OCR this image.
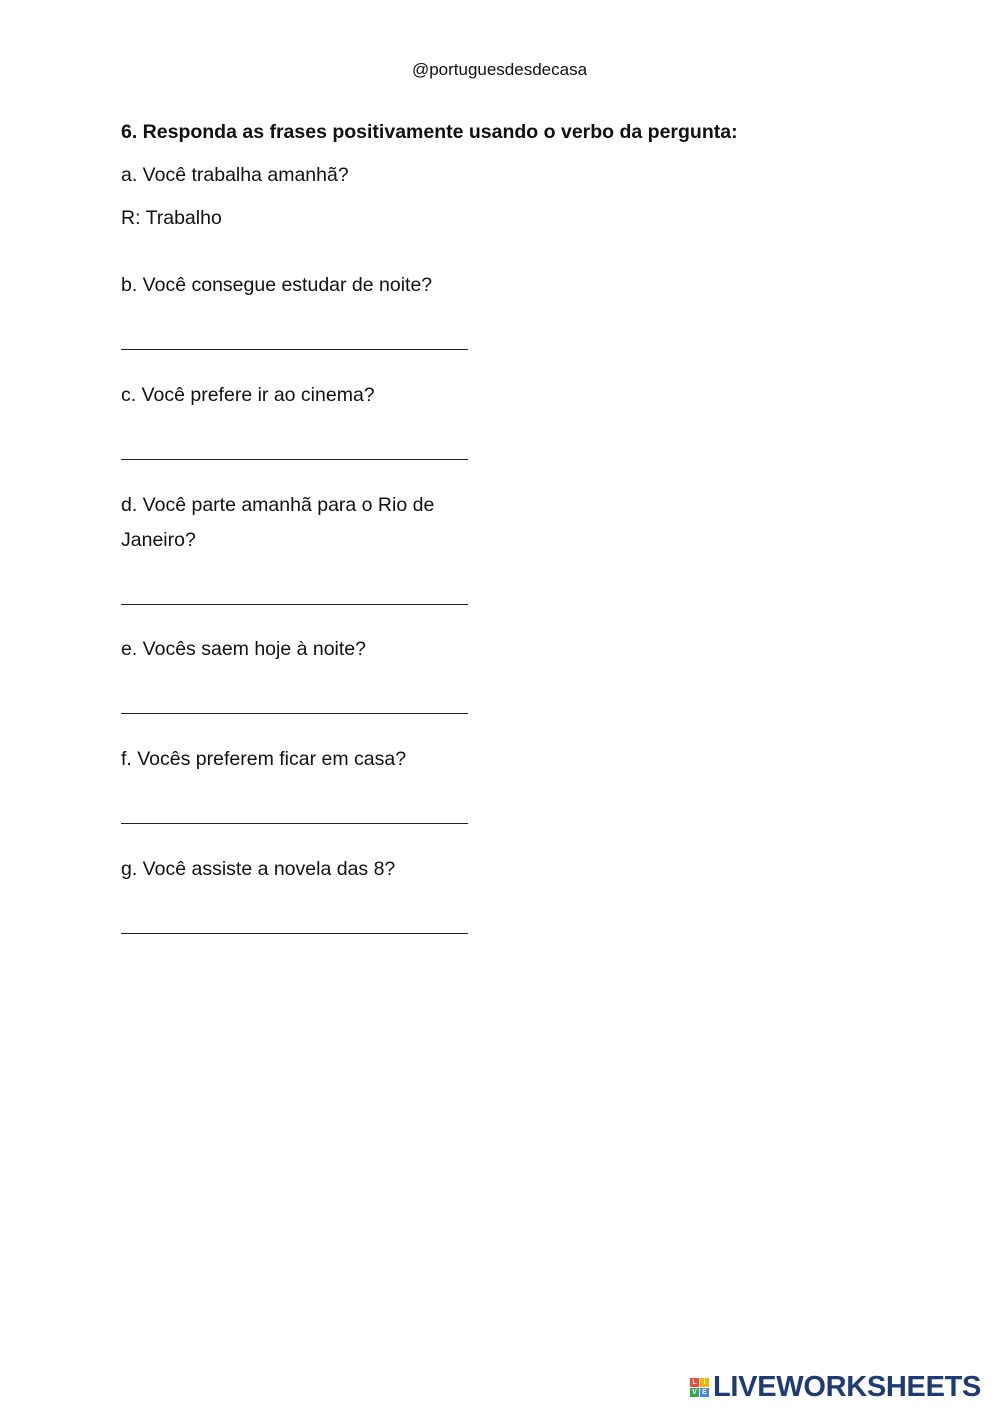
@portuguesdesdecasa
6. Responda as frases positivamente usando o verbo da pergunta:
a. Você trabalha amanhã?
R: Trabalho
b. Você consegue estudar de noite?
c. Você prefere ir ao cinema?
d. Você parte amanhã para o Rio de
Janeiro?
e. Vocês saem hoje à noite?
f. Vocês preferem ficar em casa?
g. Você assiste a novela das 8?
L I
V E LIVEWORKSHEETS
